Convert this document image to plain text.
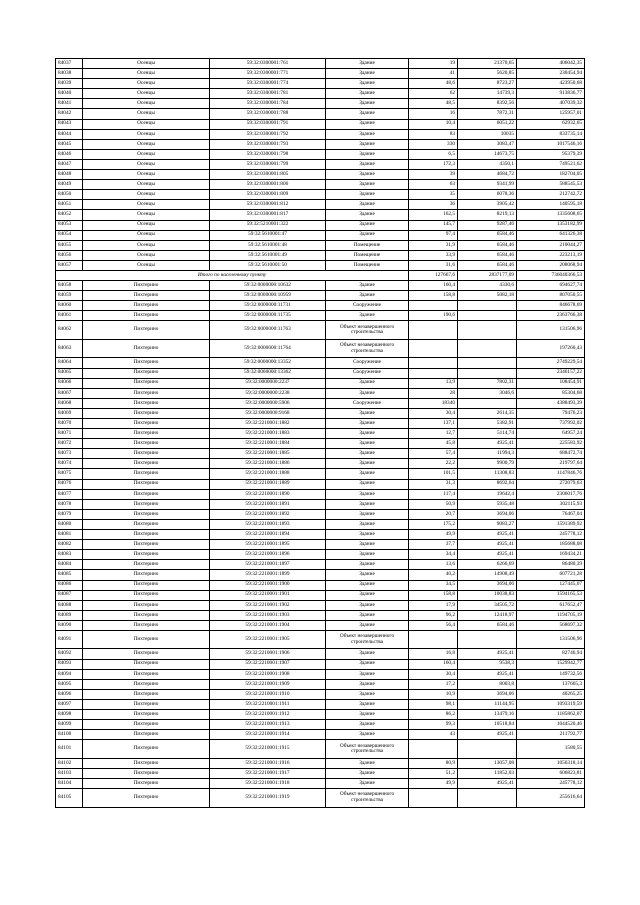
84037	Осенцы	59:32:0300001:761	Здание	19	21370,65	406042,35
84038	Осенцы	59:32:0300001:771	Здание	41	5620,85	230454,94
84039	Осенцы	59:32:0300001:774	Здание	48,6	8723,27	423950,68
84040	Осенцы	59:32:0300001:781	Здание	62	14739,3	913836,77
84041	Осенцы	59:32:0300001:784	Здание	48,5	8392,56	407039,32
84042	Осенцы	59:32:0300001:788	Здание	16	7872,31	125957,01
84043	Осенцы	59:32:0300001:791	Здание	10,4	6051,22	62932,65
84044	Осенцы	59:32:0300001:792	Здание	83	10035	833735,14
84045	Осенцы	59:32:0300001:793	Здание	330	3083,47	1017546,16
84046	Осенцы	59:32:0300001:798	Здание	6,5	14673,75	95379,39
84047	Осенцы	59:32:0300001:799	Здание	172,3	4350,1	749521,62
84048	Осенцы	59:32:0300001:805	Здание	39	4684,72	182704,05
84049	Осенцы	59:32:0300001:806	Здание	63	9341,99	588545,53
84050	Осенцы	59:32:0300001:809	Здание	35	6078,36	212742,72
84051	Осенцы	59:32:0300001:812	Здание	36	3905,42	140595,18
84052	Осенцы	59:32:0300001:817	Здание	162,5	8219,13	1335608,65
84053	Осенцы	59:32:5210001:322	Здание	145,7	9287,46	1353182,99
84054	Осенцы	59:32:5610001:47	Здание	97,4	6584,46	641326,38
84055	Осенцы	59:32:5610001:48	Помещение	31,9	6584,46	210044,27
84056	Осенцы	59:32:5610001:49	Помещение	33,9	6584,46	223213,19
84057	Осенцы	59:32:5610001:50	Помещение	31,6	6584,46	208068,94
Итого по населенному пункту				127667,6	2837177,09	736040366,53
84058	Пихтерино	59:32:0000000:10632	Здание	160,4	4330,6	694627,74
84059	Пихтерино	59:32:0000000:10959	Здание	158,8	5082,18	807050,55
84060	Пихтерино	59:32:0000000:11731	Сооружение			846678,69
84061	Пихтерино	59:32:0000000:11735	Здание	190,6		2363766,38
84062	Пихтерино	59:32:0000000:11763	Объект незавершенного строительства			131506,96
84063	Пихтерино	59:32:0000000:11764	Объект незавершенного строительства			197260,43
84064	Пихтерино	59:32:0000000:13352	Сооружение			2749229,54
84065	Пихтерино	59:32:0000000:13362	Сооружение			2346157,22
84066	Пихтерино	59:32:0000000:2237	Здание	13,9	7802,31	108454,91
84067	Пихтерино	59:32:0000000:2238	Здание	28	3046,6	85304,68
84068	Пихтерино	59:32:0000000:5906	Сооружение	18340		4388493,39
84069	Пихтерино	59:32:0000000:9168	Здание	30,4	2614,35	79476,23
84070	Пихтерино	59:32:2210001:1882	Здание	137,1	5382,91	737992,02
84071	Пихтерино	59:32:2210001:1883	Здание	12,7	5114,74	64957,24
84072	Пихтерино	59:32:2210001:1884	Здание	45,8	4925,41	225583,92
84073	Пихтерино	59:32:2210001:1885	Здание	57,4	11994,3	688472,74
84074	Пихтерино	59:32:2210001:1886	Здание	22,2	9900,79	219797,64
84075	Пихтерино	59:32:2210001:1888	Здание	101,5	11308,83	1147846,76
84076	Пихтерино	59:32:2210001:1889	Здание	31,3	8692,64	272079,63
84077	Пихтерино	59:32:2210001:1890	Здание	117,4	19642,4	2306017,76
84078	Пихтерино	59:32:2210001:1891	Здание	50,9	5935,48	302115,93
84079	Пихтерино	59:32:2210001:1892	Здание	20,7	3694,06	76467,04
84080	Пихтерино	59:32:2210001:1893	Здание	175,2	9083,27	1591389,92
84081	Пихтерино	59:32:2210001:1894	Здание	49,9	4925,41	245778,12
84082	Пихтерино	59:32:2210001:1895	Здание	37,7	4925,41	185688,08
84083	Пихтерино	59:32:2210001:1896	Здание	34,4	4925,41	169434,21
84084	Пихтерино	59:32:2210001:1897	Здание	13,6	6266,69	86480,39
84085	Пихтерино	59:32:2210001:1899	Здание	40,2	14908,49	607721,28
84086	Пихтерино	59:32:2210001:1900	Здание	34,5	3694,06	127445,07
84087	Пихтерино	59:32:2210001:1901	Здание	158,8	10038,83	1594165,53
84088	Пихтерино	59:32:2210001:1902	Здание	17,9	34505,72	617652,47
84089	Пихтерино	59:32:2210001:1903	Здание	96,2	12418,97	1194705,19
84090	Пихтерино	59:32:2210001:1904	Здание	56,4	6584,46	568697,32
84091	Пихтерино	59:32:2210001:1905	Объект незавершенного строительства			131506,96
84092	Пихтерино	59:32:2210001:1906	Здание	16,8	4925,41	82746,94
84093	Пихтерино	59:32:2210001:1907	Здание	160,4	9538,3	1529942,77
84094	Пихтерино	59:32:2210001:1908	Здание	30,4	4925,41	149732,56
84095	Пихтерино	59:32:2210001:1909	Здание	17,2	8003,8	137665,3
84096	Пихтерино	59:32:2210001:1910	Здание	10,9	3694,06	40265,25
84097	Пихтерино	59:32:2210001:1911	Здание	98,1	11144,95	1093319,59
84098	Пихтерино	59:32:2210001:1912	Здание	86,2	13479,16	1185862,07
84099	Пихтерино	59:32:2210001:1913	Здание	99,3	10518,84	1044520,46
84100	Пихтерино	59:32:2210001:1914	Здание	43	4925,41	211792,77
84101	Пихтерино	59:32:2210001:1915	Объект незавершенного строительства			1580,55
84102	Пихтерино	59:32:2210001:1916	Здание	80,9	13057,08	1056318,14
84103	Пихтерино	59:32:2210001:1917	Здание	51,2	11852,03	606823,81
84104	Пихтерино	59:32:2210001:1918	Здание	49,9	4925,41	245778,12
84105	Пихтерино	59:32:2210001:1919	Объект незавершенного строительства			255616,64
